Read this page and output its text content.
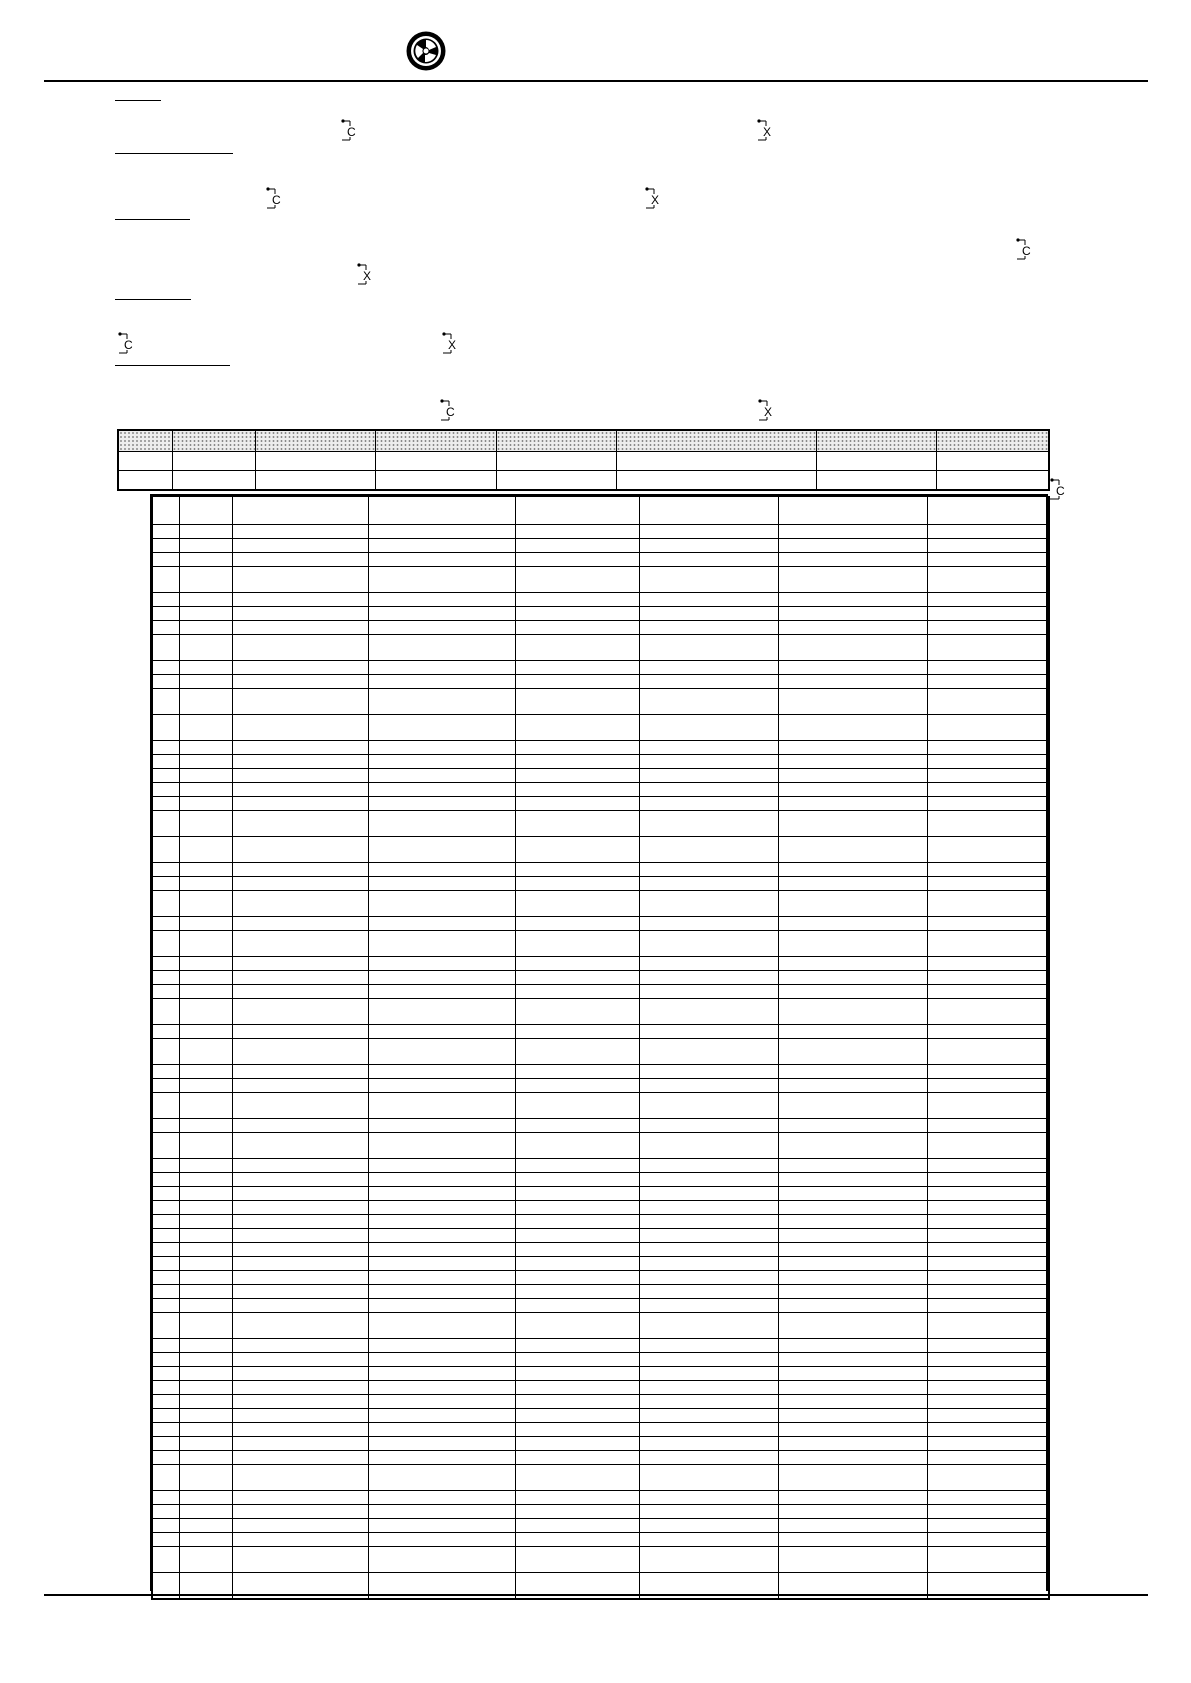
C	X
C	X
C
X
C	X
C	X
C
